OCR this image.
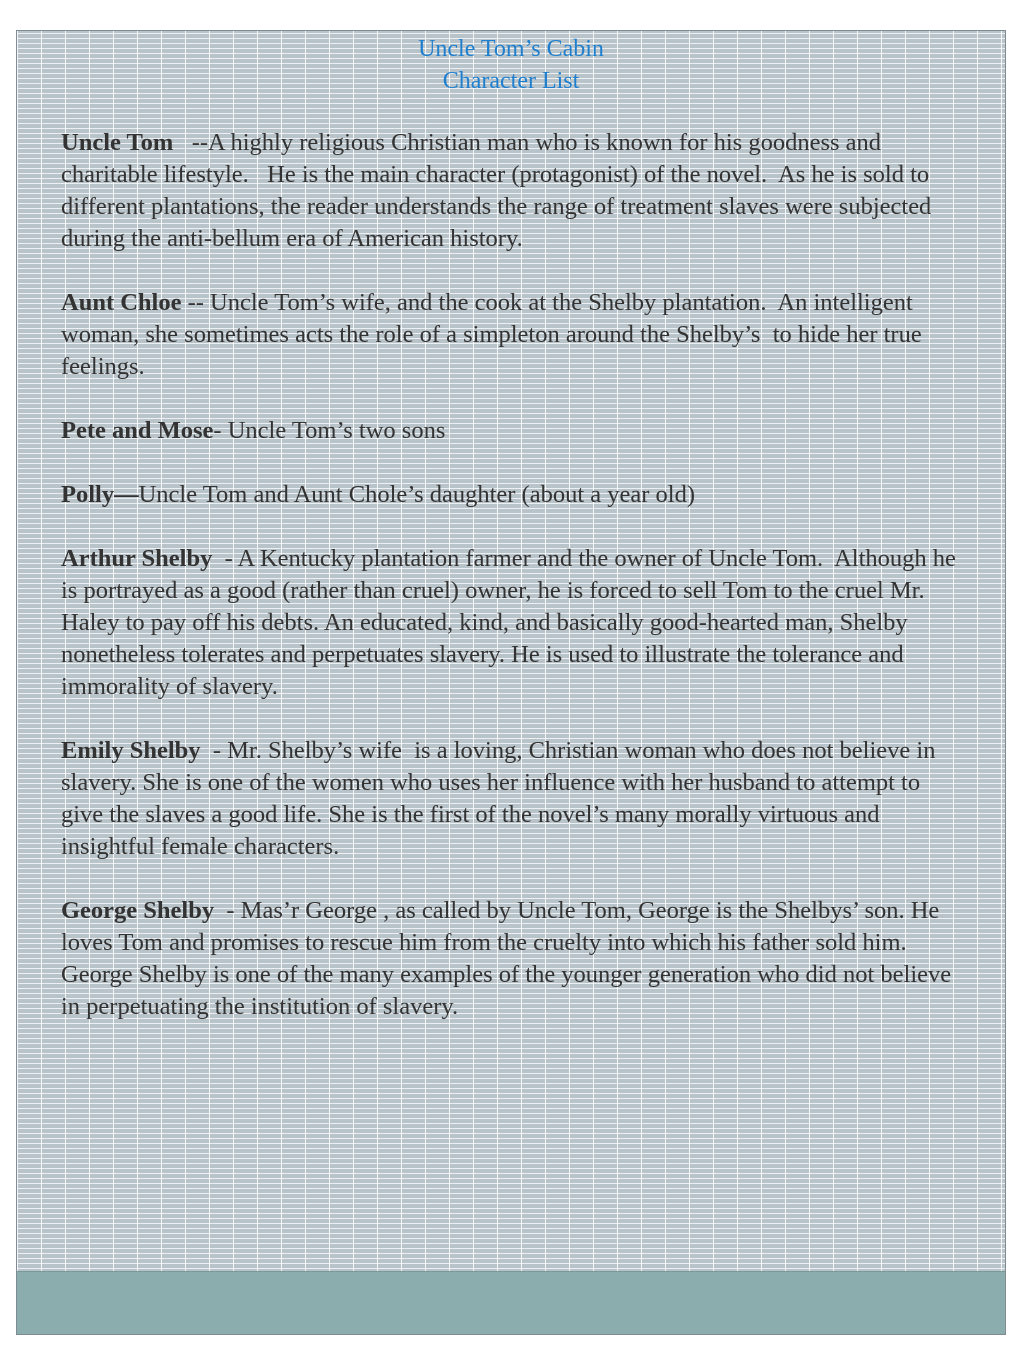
Uncle Tom’s Cabin
Character List

Uncle Tom   --A highly religious Christian man who is known for his goodness and charitable lifestyle.   He is the main character (protagonist) of the novel.  As he is sold to different plantations, the reader understands the range of treatment slaves were subjected  during the anti-bellum era of American history.

Aunt Chloe -- Uncle Tom’s wife, and the cook at the Shelby plantation.  An intelligent woman, she sometimes acts the role of a simpleton around the Shelby’s  to hide her true feelings.

Pete and Mose- Uncle Tom’s two sons

Polly—Uncle Tom and Aunt Chole’s daughter (about a year old)

Arthur Shelby  - A Kentucky plantation farmer and the owner of Uncle Tom.  Although he is portrayed as a good (rather than cruel) owner, he is forced to sell Tom to the cruel Mr. Haley to pay off his debts. An educated, kind, and basically good-hearted man, Shelby nonetheless tolerates and perpetuates slavery. He is used to illustrate the tolerance and immorality of slavery.

Emily Shelby  - Mr. Shelby’s wife  is a loving, Christian woman who does not believe in slavery. She is one of the women who uses her influence with her husband to attempt to give the slaves a good life. She is the first of the novel’s many morally virtuous and insightful female characters.

George Shelby  - Mas’r George , as called by Uncle Tom, George is the Shelbys’ son. He loves Tom and promises to rescue him from the cruelty into which his father sold him. George Shelby is one of the many examples of the younger generation who did not believe in perpetuating the institution of slavery.
